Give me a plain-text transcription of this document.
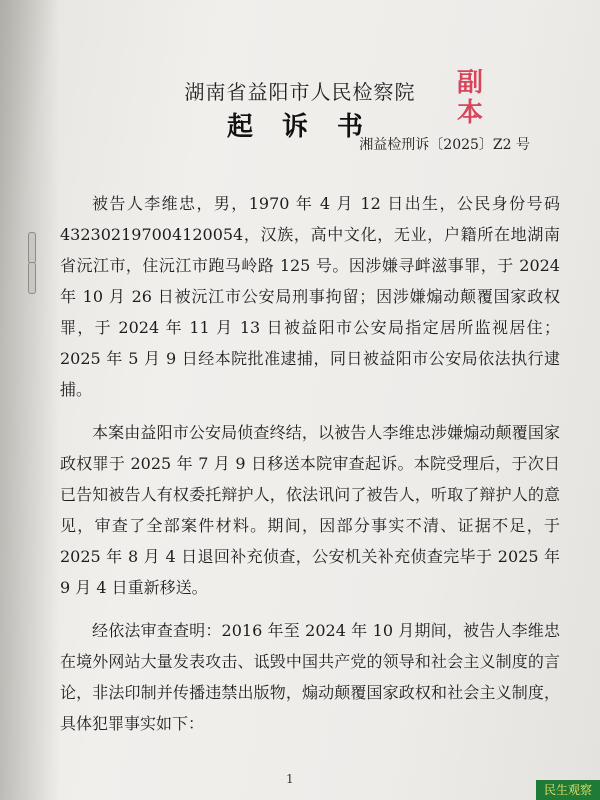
湖南省益阳市人民检察院
起 诉 书
副
本
湘益检刑诉〔2025〕Z2 号

被告人李维忠，男，1970 年 4 月 12 日出生，公民身份号码 432302197004120054，汉族，高中文化，无业，户籍所在地湖南省沅江市，住沅江市跑马岭路 125 号。因涉嫌寻衅滋事罪，于 2024 年 10 月 26 日被沅江市公安局刑事拘留；因涉嫌煽动颠覆国家政权罪，于 2024 年 11 月 13 日被益阳市公安局指定居所监视居住；2025 年 5 月 9 日经本院批准逮捕，同日被益阳市公安局依法执行逮捕。

本案由益阳市公安局侦查终结，以被告人李维忠涉嫌煽动颠覆国家政权罪于 2025 年 7 月 9 日移送本院审查起诉。本院受理后，于次日已告知被告人有权委托辩护人，依法讯问了被告人，听取了辩护人的意见，审查了全部案件材料。期间，因部分事实不清、证据不足，于 2025 年 8 月 4 日退回补充侦查，公安机关补充侦查完毕于 2025 年 9 月 4 日重新移送。

经依法审查查明：2016 年至 2024 年 10 月期间，被告人李维忠在境外网站大量发表攻击、诋毁中国共产党的领导和社会主义制度的言论，非法印制并传播违禁出版物，煽动颠覆国家政权和社会主义制度，具体犯罪事实如下：

1
民生观察
